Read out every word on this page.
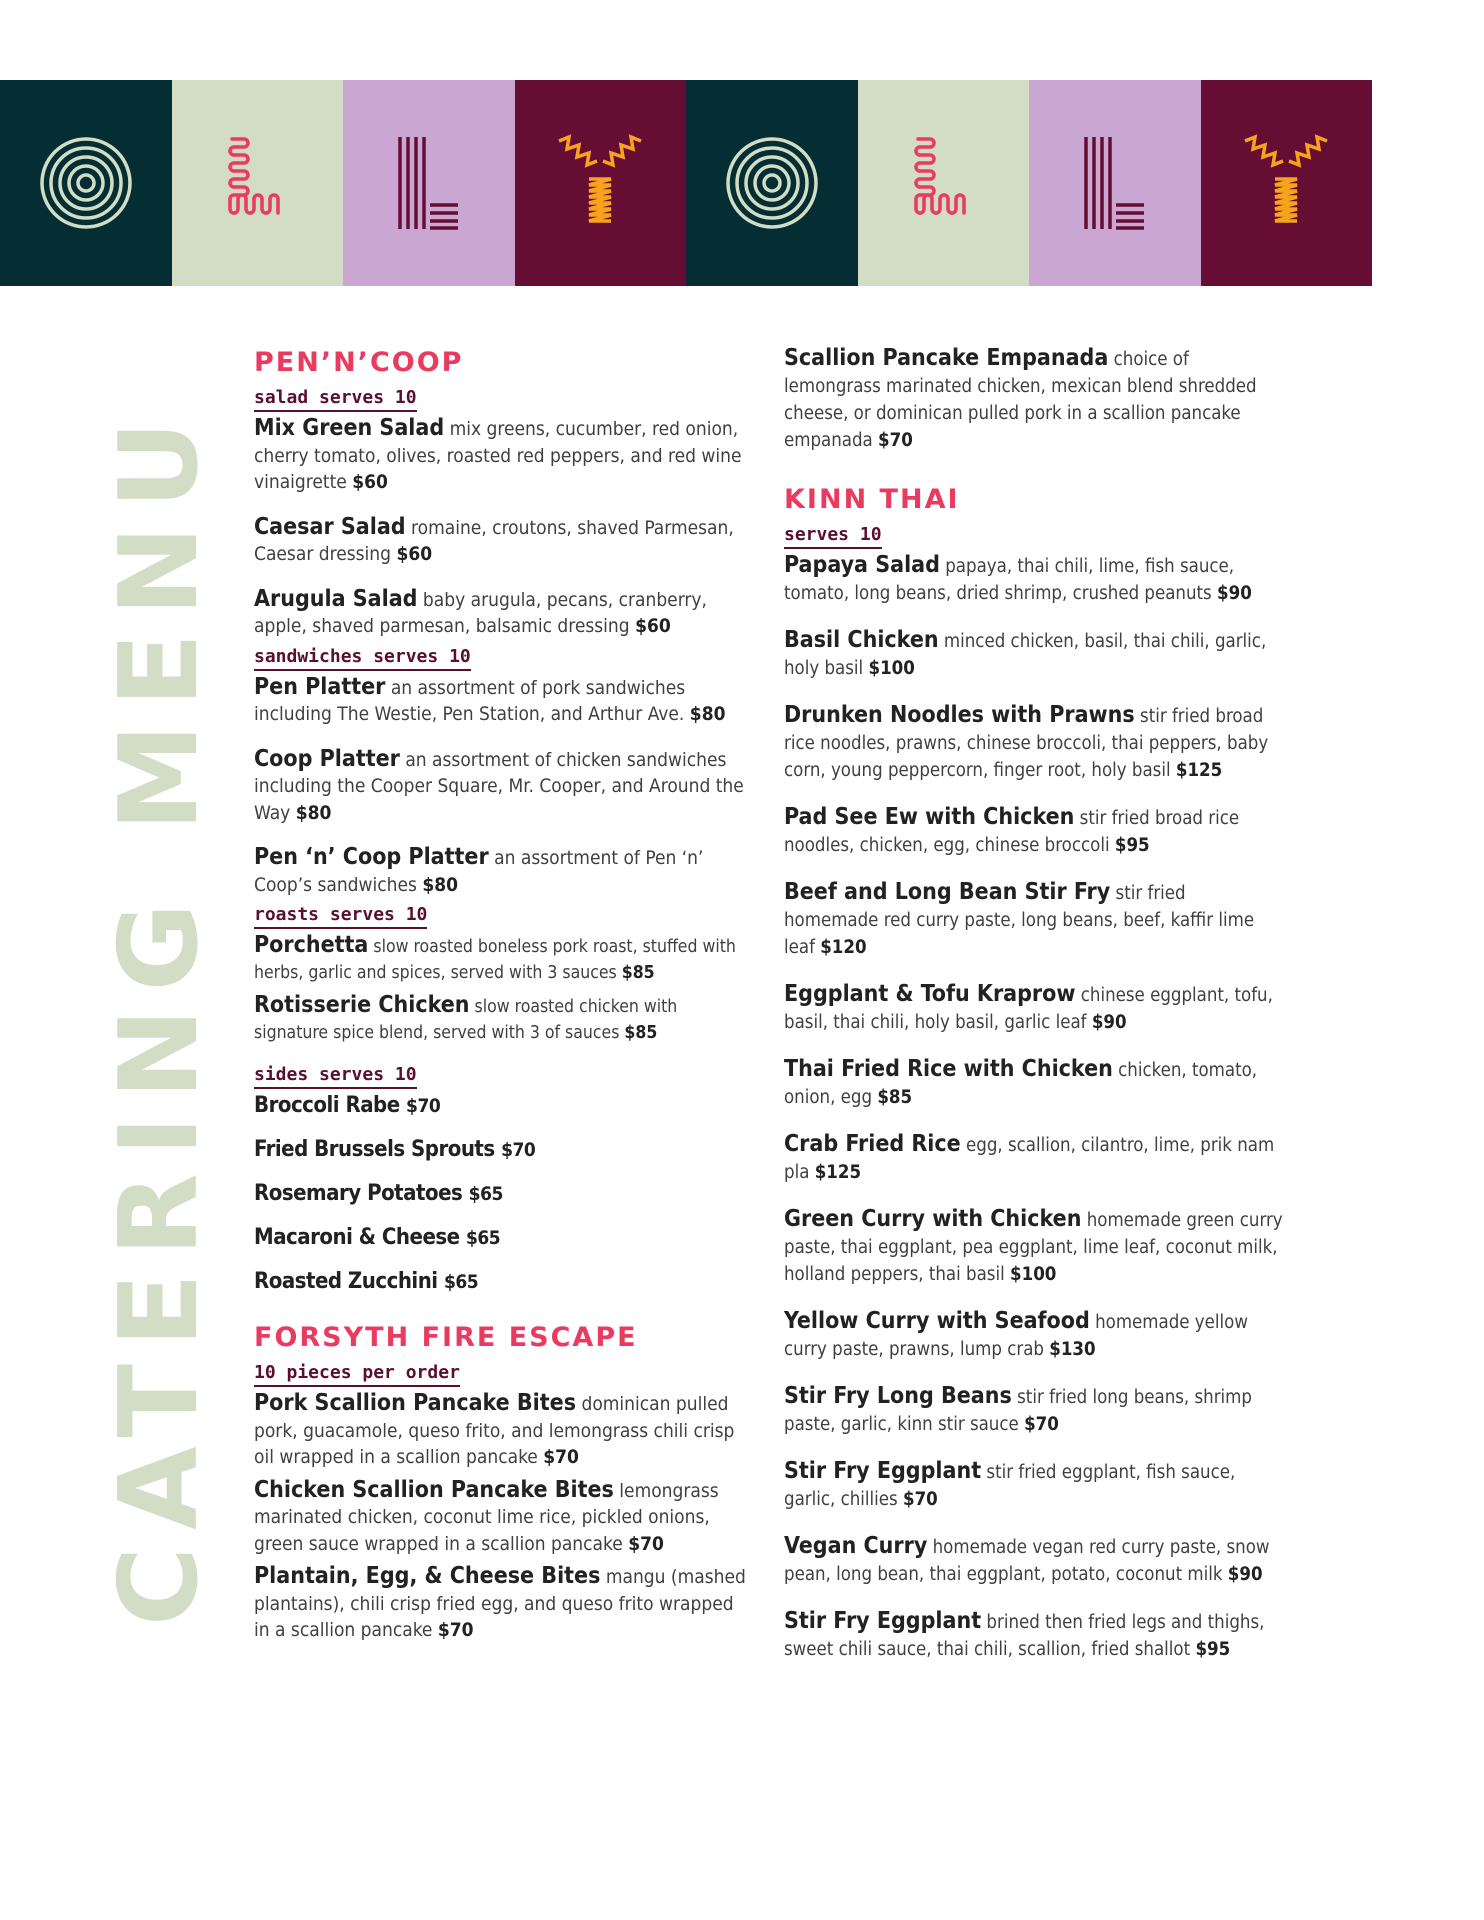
CATERING MENU
PEN’N’COOP
salad serves 10
Mix Green Salad mix greens, cucumber, red onion, cherry tomato, olives, roasted red peppers, and red wine vinaigrette $60
Caesar Salad romaine, croutons, shaved Parmesan, Caesar dressing $60
Arugula Salad baby arugula, pecans, cranberry, apple, shaved parmesan, balsamic dressing $60
sandwiches serves 10
Pen Platter an assortment of pork sandwiches including The Westie, Pen Station, and Arthur Ave. $80
Coop Platter an assortment of chicken sandwiches including the Cooper Square, Mr. Cooper, and Around the Way $80
Pen ‘n’ Coop Platter an assortment of Pen ‘n’ Coop’s sandwiches $80
roasts serves 10
Porchetta slow roasted boneless pork roast, stuffed with herbs, garlic and spices, served with 3 sauces $85
Rotisserie Chicken slow roasted chicken with signature spice blend, served with 3 of sauces $85
sides serves 10
Broccoli Rabe $70
Fried Brussels Sprouts $70
Rosemary Potatoes $65
Macaroni & Cheese $65
Roasted Zucchini $65
FORSYTH FIRE ESCAPE
10 pieces per order
Pork Scallion Pancake Bites dominican pulled pork, guacamole, queso frito, and lemongrass chili crisp oil wrapped in a scallion pancake $70
Chicken Scallion Pancake Bites lemongrass marinated chicken, coconut lime rice, pickled onions, green sauce wrapped in a scallion pancake $70
Plantain, Egg, & Cheese Bites mangu (mashed plantains), chili crisp fried egg, and queso frito wrapped in a scallion pancake $70
Scallion Pancake Empanada choice of lemongrass marinated chicken, mexican blend shredded cheese, or dominican pulled pork in a scallion pancake empanada $70
KINN THAI
serves 10
Papaya Salad papaya, thai chili, lime, fish sauce, tomato, long beans, dried shrimp, crushed peanuts $90
Basil Chicken minced chicken, basil, thai chili, garlic, holy basil $100
Drunken Noodles with Prawns stir fried broad rice noodles, prawns, chinese broccoli, thai peppers, baby corn, young peppercorn, finger root, holy basil $125
Pad See Ew with Chicken stir fried broad rice noodles, chicken, egg, chinese broccoli $95
Beef and Long Bean Stir Fry stir fried homemade red curry paste, long beans, beef, kaffir lime leaf $120
Eggplant & Tofu Kraprow chinese eggplant, tofu, basil, thai chili, holy basil, garlic leaf $90
Thai Fried Rice with Chicken chicken, tomato, onion, egg $85
Crab Fried Rice egg, scallion, cilantro, lime, prik nam pla $125
Green Curry with Chicken homemade green curry paste, thai eggplant, pea eggplant, lime leaf, coconut milk, holland peppers, thai basil $100
Yellow Curry with Seafood homemade yellow curry paste, prawns, lump crab $130
Stir Fry Long Beans stir fried long beans, shrimp paste, garlic, kinn stir sauce $70
Stir Fry Eggplant stir fried eggplant, fish sauce, garlic, chillies $70
Vegan Curry homemade vegan red curry paste, snow pean, long bean, thai eggplant, potato, coconut milk $90
Stir Fry Eggplant brined then fried legs and thighs, sweet chili sauce, thai chili, scallion, fried shallot $95
